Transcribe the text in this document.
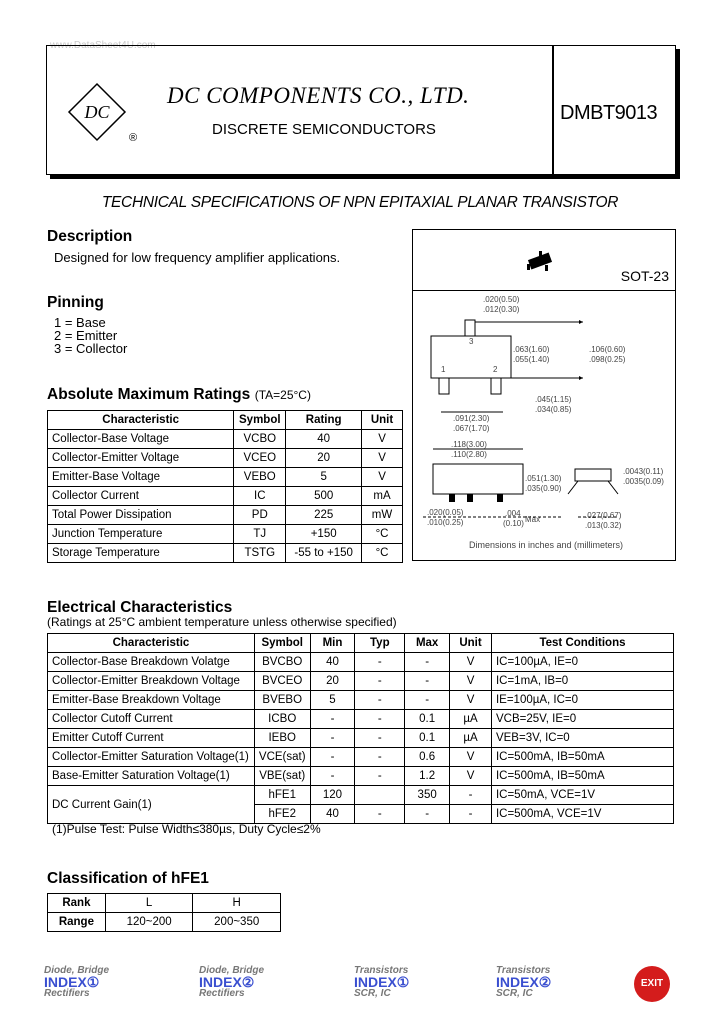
www.DataSheet4U.com
DC
®
DC COMPONENTS CO., LTD.
DISCRETE SEMICONDUCTORS
DMBT9013
TECHNICAL SPECIFICATIONS OF NPN EPITAXIAL PLANAR TRANSISTOR
Description
Designed for low frequency amplifier applications.
Pinning
1 = Base
2 = Emitter
3 = Collector
SOT-23
.020(0.50)
.012(0.30)
3
1	2
.063(1.60)
.055(1.40)
.106(0.60)
.098(0.25)
.045(1.15)
.034(0.85)
.091(2.30)
.067(1.70)
.118(3.00)
.110(2.80)
.051(1.30)
.035(0.90)
.0043(0.11)
.0035(0.09)
.020(0.05)
.010(0.25)
.004
(0.10) Max	.027(0.67)
.013(0.32)
Dimensions in inches and (millimeters)
Absolute Maximum Ratings (TA=25°C)
Characteristic	Symbol	Rating	Unit
Collector-Base Voltage	VCBO	40	V
Collector-Emitter Voltage	VCEO	20	V
Emitter-Base Voltage	VEBO	5	V
Collector Current	IC	500	mA
Total Power Dissipation	PD	225	mW
Junction Temperature	TJ	+150	°C
Storage Temperature	TSTG	-55 to +150	°C
Electrical Characteristics
(Ratings at 25°C ambient temperature unless otherwise specified)
Characteristic	Symbol	Min	Typ	Max	Unit	Test Conditions
Collector-Base Breakdown Volatge	BVCBO	40	-	-	V	IC=100µA, IE=0
Collector-Emitter Breakdown Voltage	BVCEO	20	-	-	V	IC=1mA, IB=0
Emitter-Base Breakdown Voltage	BVEBO	5	-	-	V	IE=100µA, IC=0
Collector Cutoff Current	ICBO	-	-	0.1	µA	VCB=25V, IE=0
Emitter Cutoff Current	IEBO	-	-	0.1	µA	VEB=3V, IC=0
Collector-Emitter Saturation Voltage(1)	VCE(sat)	-	-	0.6	V	IC=500mA, IB=50mA
Base-Emitter Saturation Voltage(1)	VBE(sat)	-	-	1.2	V	IC=500mA, IB=50mA
DC Current Gain(1)	hFE1	120		350	-	IC=50mA, VCE=1V
	hFE2	40	-	-	-	IC=500mA, VCE=1V
(1)Pulse Test: Pulse Width≤380µs, Duty Cycle≤2%
Classification of hFE1
Rank	L	H
Range	120~200	200~350
Diode, Bridge
INDEX①
Rectifiers
Diode, Bridge
INDEX②
Rectifiers
Transistors
INDEX①
SCR, IC
Transistors
INDEX②
SCR, IC
EXIT
